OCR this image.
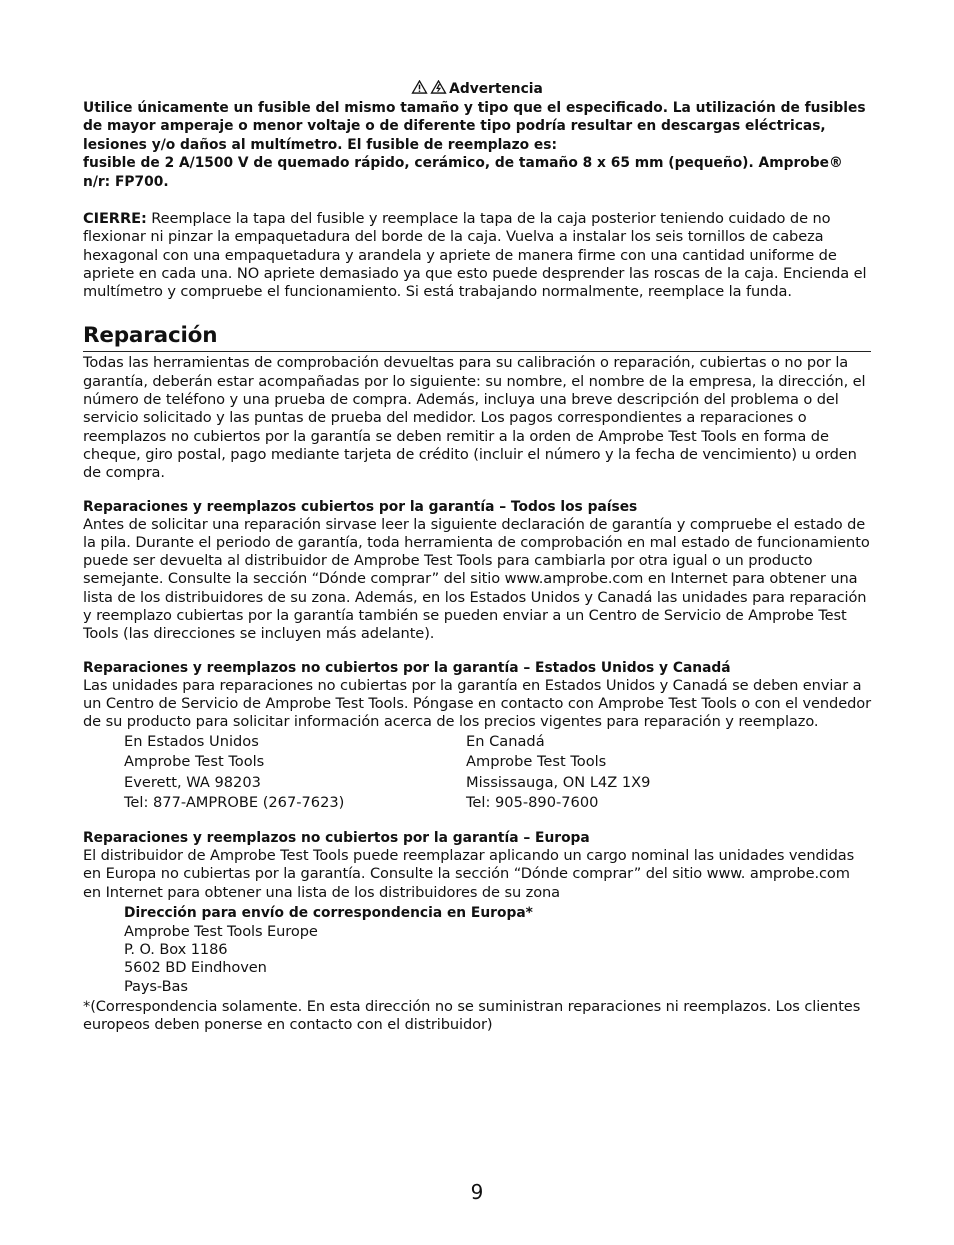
Advertencia

Utilice únicamente un fusible del mismo tamaño y tipo que el especificado. La utilización de fusibles de mayor amperaje o menor voltaje o de diferente tipo podría resultar en descargas eléctricas, lesiones y/o daños al multímetro. El fusible de reemplazo es:

fusible de 2 A/1500 V de quemado rápido, cerámico, de tamaño 8 x 65 mm (pequeño). Amprobe® n/r: FP700.

CIERRE: Reemplace la tapa del fusible y reemplace la tapa de la caja posterior teniendo cuidado de no flexionar ni pinzar la empaquetadura del borde de la caja. Vuelva a instalar los seis tornillos de cabeza hexagonal con una empaquetadura y arandela y apriete de manera firme con una cantidad uniforme de apriete en cada una. NO apriete demasiado ya que esto puede desprender las roscas de la caja. Encienda el multímetro y compruebe el funcionamiento. Si está trabajando normalmente, reemplace la funda.

Reparación

Todas las herramientas de comprobación devueltas para su calibración o reparación, cubiertas o no por la garantía, deberán estar acompañadas por lo siguiente: su nombre, el nombre de la empresa, la dirección, el número de teléfono y una prueba de compra. Además, incluya una breve descripción del problema o del servicio solicitado y las puntas de prueba del medidor. Los pagos correspondientes a reparaciones o reemplazos no cubiertos por la garantía se deben remitir a la orden de Amprobe Test Tools en forma de cheque, giro postal, pago mediante tarjeta de crédito (incluir el número y la fecha de vencimiento) u orden de compra.

Reparaciones y reemplazos cubiertos por la garantía – Todos los países

Antes de solicitar una reparación sirvase leer la siguiente declaración de garantía y compruebe el estado de la pila. Durante el periodo de garantía, toda herramienta de comprobación en mal estado de funcionamiento puede ser devuelta al distribuidor de Amprobe Test Tools para cambiarla por otra igual o un producto semejante. Consulte la sección “Dónde comprar” del sitio www.amprobe.com en Internet para obtener una lista de los distribuidores de su zona. Además, en los Estados Unidos y Canadá las unidades para reparación y reemplazo cubiertas por la garantía también se pueden enviar a un Centro de Servicio de Amprobe Test Tools (las direcciones se incluyen más adelante).

Reparaciones y reemplazos no cubiertos por la garantía – Estados Unidos y Canadá

Las unidades para reparaciones no cubiertas por la garantía en Estados Unidos y Canadá se deben enviar a un Centro de Servicio de Amprobe Test Tools. Póngase en contacto con Amprobe Test Tools o con el vendedor de su producto para solicitar información acerca de los precios vigentes para reparación y reemplazo.

En Estados Unidos
Amprobe Test Tools
Everett, WA 98203
Tel: 877-AMPROBE (267-7623)
En Canadá
Amprobe Test Tools
Mississauga, ON L4Z 1X9
Tel: 905-890-7600

Reparaciones y reemplazos no cubiertos por la garantía – Europa

El distribuidor de Amprobe Test Tools puede reemplazar aplicando un cargo nominal las unidades vendidas en Europa no cubiertas por la garantía. Consulte la sección “Dónde comprar” del sitio www. amprobe.com en Internet para obtener una lista de los distribuidores de su zona

Dirección para envío de correspondencia en Europa*

Amprobe Test Tools Europe
P. O. Box 1186
5602 BD Eindhoven
Pays-Bas

*(Correspondencia solamente. En esta dirección no se suministran reparaciones ni reemplazos. Los clientes europeos deben ponerse en contacto con el distribuidor)

9
